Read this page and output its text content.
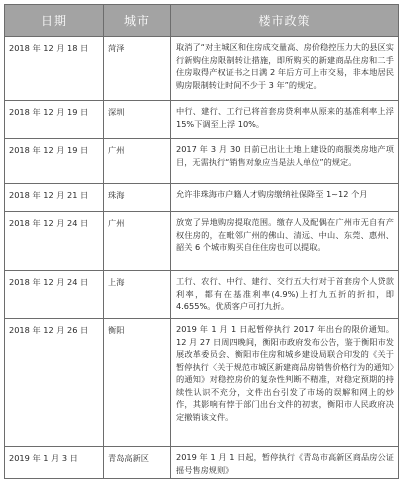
日期	城市	楼市政策
2018 年 12 月 18 日	菏泽	取消了“对主城区和住房成交量高、房价稳控压力大的县区实行新购住房限制转让措施，即所购买的新建商品住房和二手住房取得产权证书之日满 2 年后方可上市交易，非本地居民购房限制转让时间不少于 3 年”的规定。
2018 年 12 月 19 日	深圳	中行、建行、工行已将首套房贷利率从原来的基准利率上浮 15%下调至上浮 10%。
2018 年 12 月 19 日	广州	2017 年 3 月 30 日前已出让土地上建设的商服类房地产项目，无需执行“销售对象应当是法人单位”的规定。
2018 年 12 月 21 日	珠海	允许非珠海市户籍人才购房缴纳社保降至 1~12 个月
2018 年 12 月 24 日	广州	放宽了异地购房提取范围。缴存人及配偶在广州市无自有产权住房的，在毗邻广州的佛山、清远、中山、东莞、惠州、韶关 6 个城市购买自住住房也可以提取。
2018 年 12 月 24 日	上海	工行、农行、中行、建行、交行五大行对于首套房个人贷款利率，都有在基准利率(4.9%)上打九五折的折扣，即 4.655%。优质客户可打九折。
2018 年 12 月 26 日	衡阳	2019 年 1 月 1 日起暂停执行 2017 年出台的限价通知。12 月 27 日周四晚间，衡阳市政府发布公告，鉴于衡阳市发展改革委员会、衡阳市住房和城乡建设局联合印发的《关于暂停执行〈关于规范市城区新建商品房销售价格行为的通知〉的通知》对稳控房价的复杂性判断不精准，对稳定预期的持续性认识不充分，文件出台引发了市场的误解和网上的炒作，其影响有悖于部门出台文件的初衷，衡阳市人民政府决定撤销该文件。
2019 年 1 月 3 日	青岛高新区	2019 年 1 月 1 日起，暂停执行《青岛市高新区商品房公证摇号售房规则》
